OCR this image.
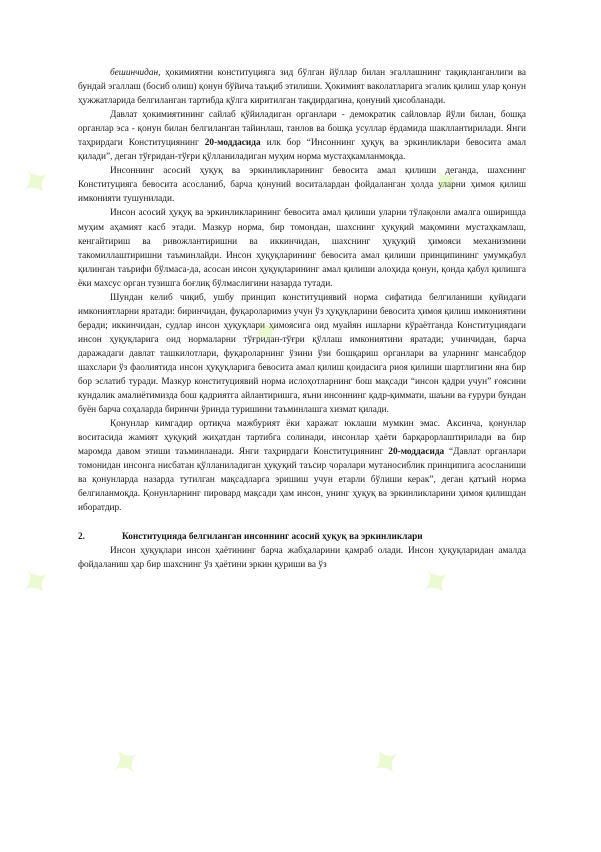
бешинчидан, ҳокимиятни конституцияга зид бўлган йўллар билан эгаллашнинг тақиқланганлиги ва бундай эгаллаш (босиб олиш) қонун бўйича таъқиб этилиши. Ҳокимият ваколатларига эгалик қилиш улар қонун ҳужжатларида белгиланган тартибда қўлга киритилган тақдирдагина, қонуний ҳисобланади.

Давлат ҳокимиятининг сайлаб қўйиладиган органлари - демократик сайловлар йўли билан, бошқа органлар эса - қонун билан белгиланган тайинлаш, танлов ва бошқа усуллар ёрдамида шакллантирилади. Янги таҳрирдаги Конституциянинг 20-моддасида илк бор “Инсоннинг ҳуқуқ ва эркинликлари бевосита амал қилади”, деган тўғридан-тўғри қўлланиладиган муҳим норма мустаҳкамланмоқда.

Инсоннинг асосий ҳуқуқ ва эркинликларининг бевосита амал қилиши деганда, шахснинг Конституцияга бевосита асосланиб, барча қонуний воситалардан фойдаланган ҳолда уларни ҳимоя қилиш имконияти тушунилади.

Инсон асосий ҳуқуқ ва эркинликларининг бевосита амал қилиши уларни тўлақонли амалга оширишда муҳим аҳамият касб этади. Мазкур норма, бир томондан, шахснинг ҳуқуқий мақомини мустаҳкамлаш, кенгайтириш ва ривожлантиришни ва иккинчидан, шахснинг ҳуқуқий ҳимояси механизмини такомиллаштиришни таъминлайди. Инсон ҳуқуқларининг бевосита амал қилиши принципининг умумқабул қилинган таърифи бўлмаса-да, асосан инсон ҳуқуқларининг амал қилиши алоҳида қонун, қонда қабул қилишга ёки махсус орган тузишга боғлиқ бўлмаслигини назарда тутади.

Шундан келиб чиқиб, ушбу принцип конституциявий норма сифатида белгиланиши қуйидаги имкониятларни яратади: биринчидан, фуқароларимиз учун ўз ҳуқуқларини бевосита ҳимоя қилиш имкониятини беради; иккинчидан, судлар инсон ҳуқуқлари ҳимоясига оид муайян ишларни кўраётганда Конституциядаги инсон ҳуқуқларига оид нормаларни тўғридан-тўғри қўллаш имкониятини яратади; учинчидан, барча даражадаги давлат ташкилотлари, фуқароларнинг ўзини ўзи бошқариш органлари ва уларнинг мансабдор шахслари ўз фаолиятида инсон ҳуқуқларига бевосита амал қилиш қоидасига риоя қилиши шартлигини яна бир бор эслатиб туради. Мазкур конституциявий норма ислоҳотларнинг бош мақсади “инсон қадри учун” ғоясини кундалик амалиётимизда бош қадриятга айлантиришга, яъни инсоннинг қадр-қиммати, шаъни ва ғурури бундан буён барча соҳаларда биринчи ўринда туришини таъминлашга хизмат қилади.

Қонунлар кимгадир ортиқча мажбурият ёки харажат юклаши мумкин эмас. Аксинча, қонунлар воситасида жамият ҳуқуқий жиҳатдан тартибга солинади, инсонлар ҳаёти барқарорлаштирилади ва бир маромда давом этиши таъминланади. Янги таҳрирдаги Конституциянинг 20-моддасида “Давлат органлари томонидан инсонга нисбатан қўлланиладиган ҳуқуқий таъсир чоралари мутаносиблик принципига асосланиши ва қонунларда назарда тутилган мақсадларга эришиш учун етарли бўлиши керак”, деган қатъий норма белгиланмоқда. Қонунларнинг пировард мақсади ҳам инсон, унинг ҳуқуқ ва эркинликларини ҳимоя қилишдан иборатдир.

2.	Конституцияда белгиланган инсоннинг асосий ҳуқуқ ва эркинликлари

Инсон ҳуқуқлари инсон ҳаётининг барча жабҳаларини қамраб олади. Инсон ҳуқуқларидан амалда фойдаланиш ҳар бир шахснинг ўз ҳаётини эркин қуриши ва ўз

✦
✦
✦
✦	✦
✦	✦
